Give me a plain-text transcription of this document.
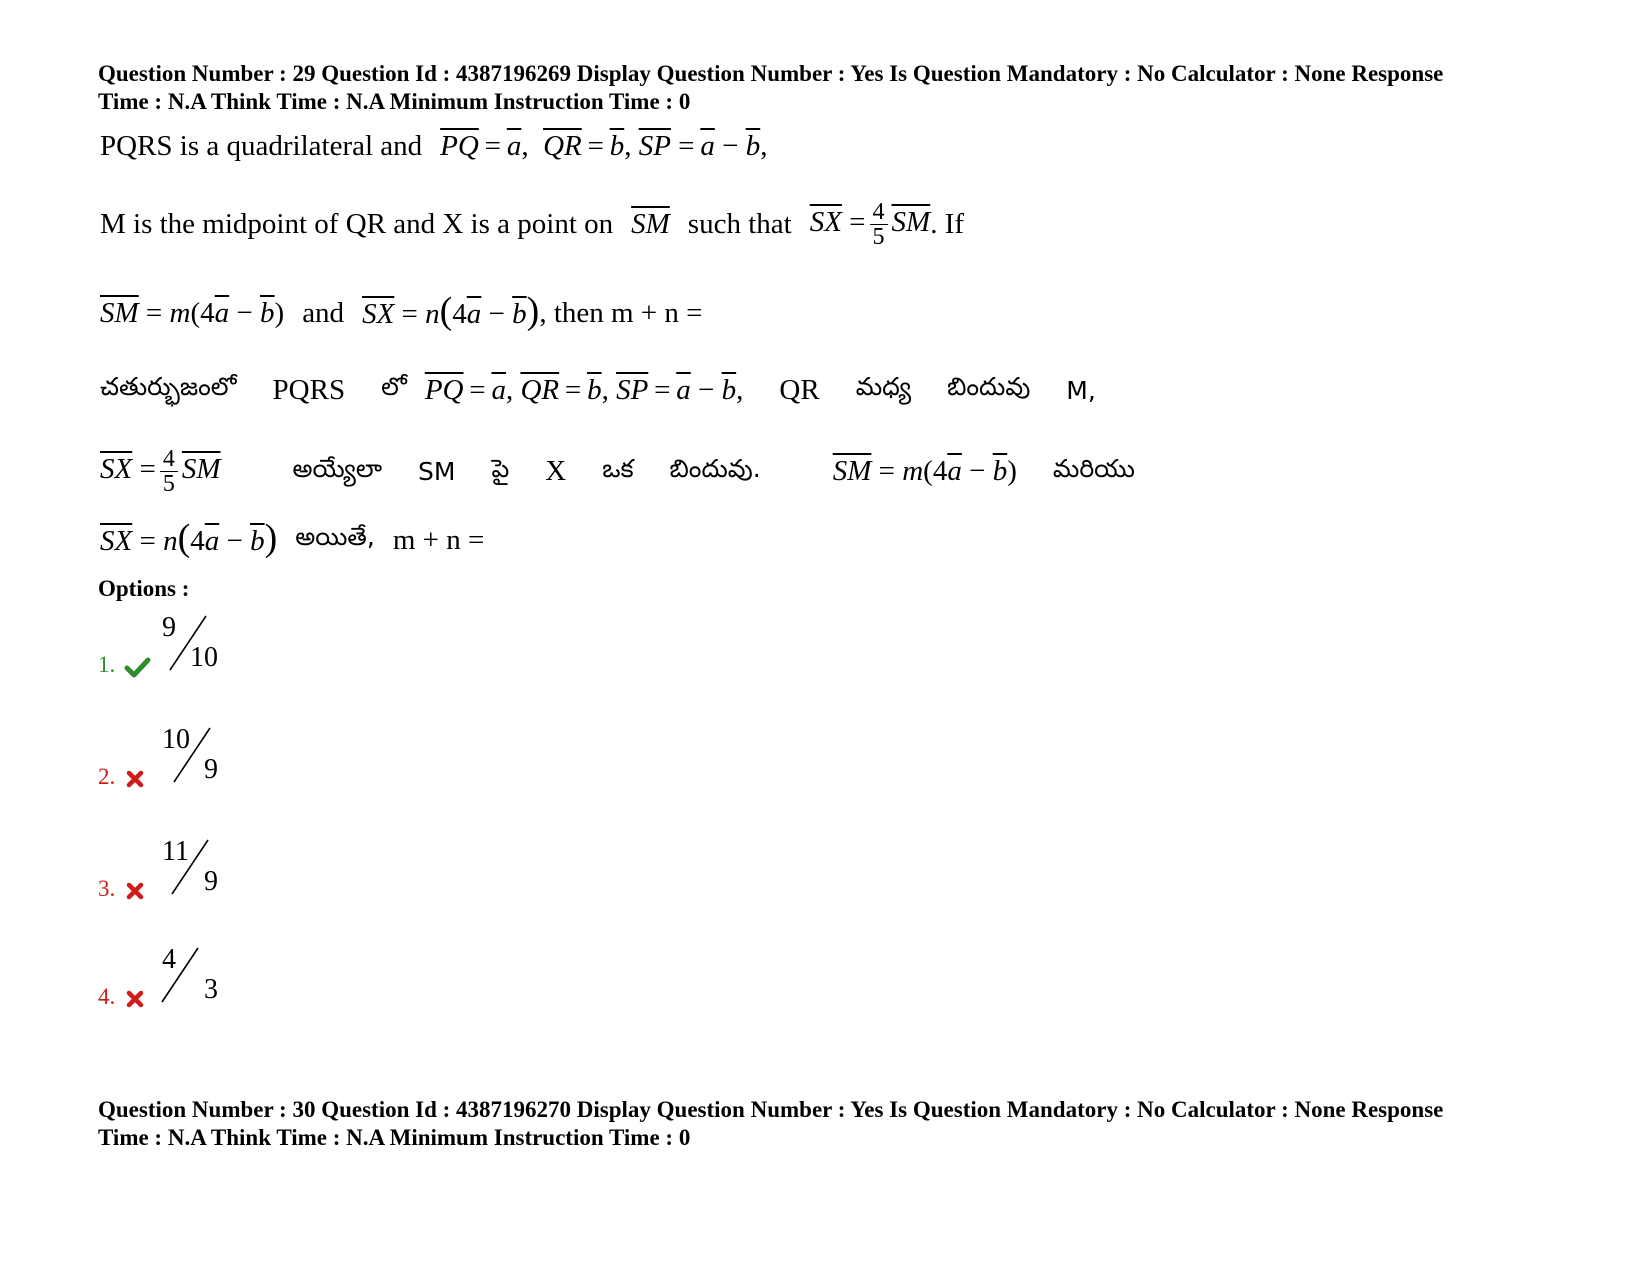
Question Number : 29 Question Id : 4387196269 Display Question Number : Yes Is Question Mandatory : No Calculator : None Response
Time : N.A Think Time : N.A Minimum Instruction Time : 0
PQRS is a quadrilateral and $\overline{PQ} = \overline{a}$,  $\overline{QR} = \overline{b}$, $\overline{SP} = \overline{a} - \overline{b}$,
M is the midpoint of QR and X is a point on $\overline{SM}$ such that $\overline{SX} = \frac{4}{5} \overline{SM}$ . If
$\overline{SM} = m(4\overline{a} - \overline{b})$ and $\overline{SX} = n(4\overline{a} - \overline{b})$ , then m + n =
చతుర్భుజంలో PQRS లో $\overline{PQ} = \overline{a}$, $\overline{QR} = \overline{b}$, $\overline{SP} = \overline{a} - \overline{b}$, QR మధ్య బిందువు M,
$\overline{SX} = \frac{4}{5} \overline{SM}$	అయ్యేలా SM పై X ఒక బిందువు. $\overline{SM} = m(4\overline{a} - \overline{b})$ మరియు
$\overline{SX} = n(4\overline{a} - \overline{b})$ అయితే, m + n =
Options :
1.
9
10
2.
10
9
3.
11
9
4.
4
3
Question Number : 30 Question Id : 4387196270 Display Question Number : Yes Is Question Mandatory : No Calculator : None Response
Time : N.A Think Time : N.A Minimum Instruction Time : 0
